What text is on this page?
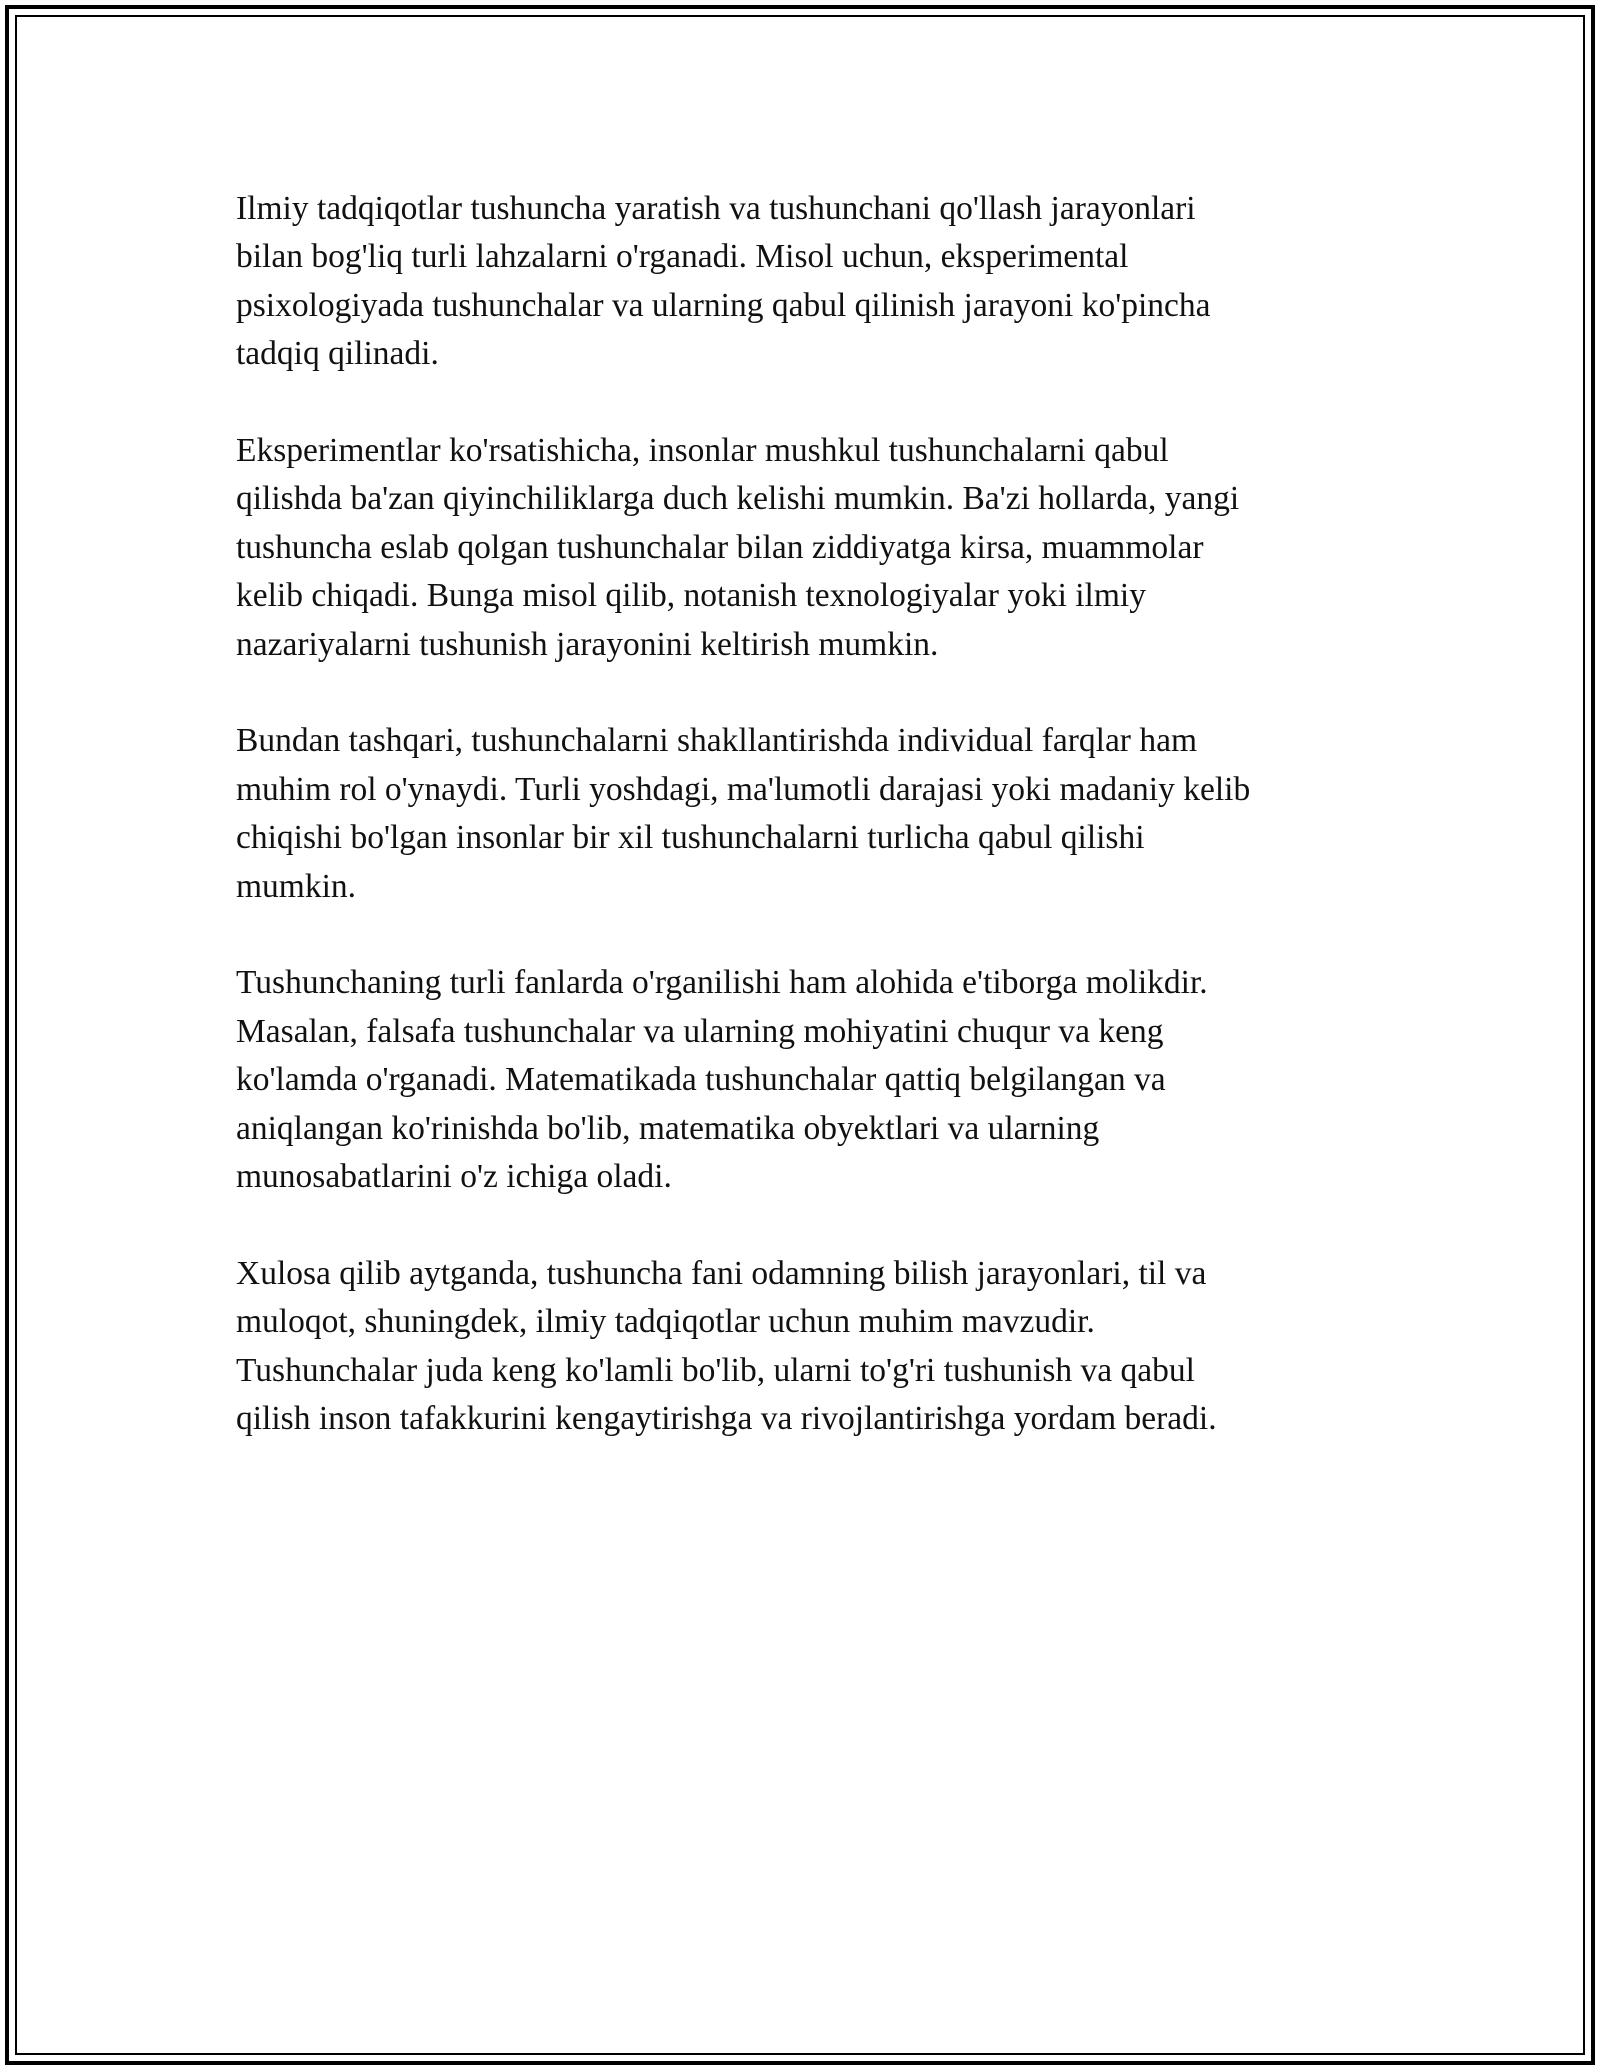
Ilmiy tadqiqotlar tushuncha yaratish va tushunchani qo'llash jarayonlari
bilan bog'liq turli lahzalarni o'rganadi. Misol uchun, eksperimental
psixologiyada tushunchalar va ularning qabul qilinish jarayoni ko'pincha
tadqiq qilinadi.

Eksperimentlar ko'rsatishicha, insonlar mushkul tushunchalarni qabul
qilishda ba'zan qiyinchiliklarga duch kelishi mumkin. Ba'zi hollarda, yangi
tushuncha eslab qolgan tushunchalar bilan ziddiyatga kirsa, muammolar
kelib chiqadi. Bunga misol qilib, notanish texnologiyalar yoki ilmiy
nazariyalarni tushunish jarayonini keltirish mumkin.

Bundan tashqari, tushunchalarni shakllantirishda individual farqlar ham
muhim rol o'ynaydi. Turli yoshdagi, ma'lumotli darajasi yoki madaniy kelib
chiqishi bo'lgan insonlar bir xil tushunchalarni turlicha qabul qilishi
mumkin.

Tushunchaning turli fanlarda o'rganilishi ham alohida e'tiborga molikdir.
Masalan, falsafa tushunchalar va ularning mohiyatini chuqur va keng
ko'lamda o'rganadi. Matematikada tushunchalar qattiq belgilangan va
aniqlangan ko'rinishda bo'lib, matematika obyektlari va ularning
munosabatlarini o'z ichiga oladi.

Xulosa qilib aytganda, tushuncha fani odamning bilish jarayonlari, til va
muloqot, shuningdek, ilmiy tadqiqotlar uchun muhim mavzudir.
Tushunchalar juda keng ko'lamli bo'lib, ularni to'g'ri tushunish va qabul
qilish inson tafakkurini kengaytirishga va rivojlantirishga yordam beradi.
